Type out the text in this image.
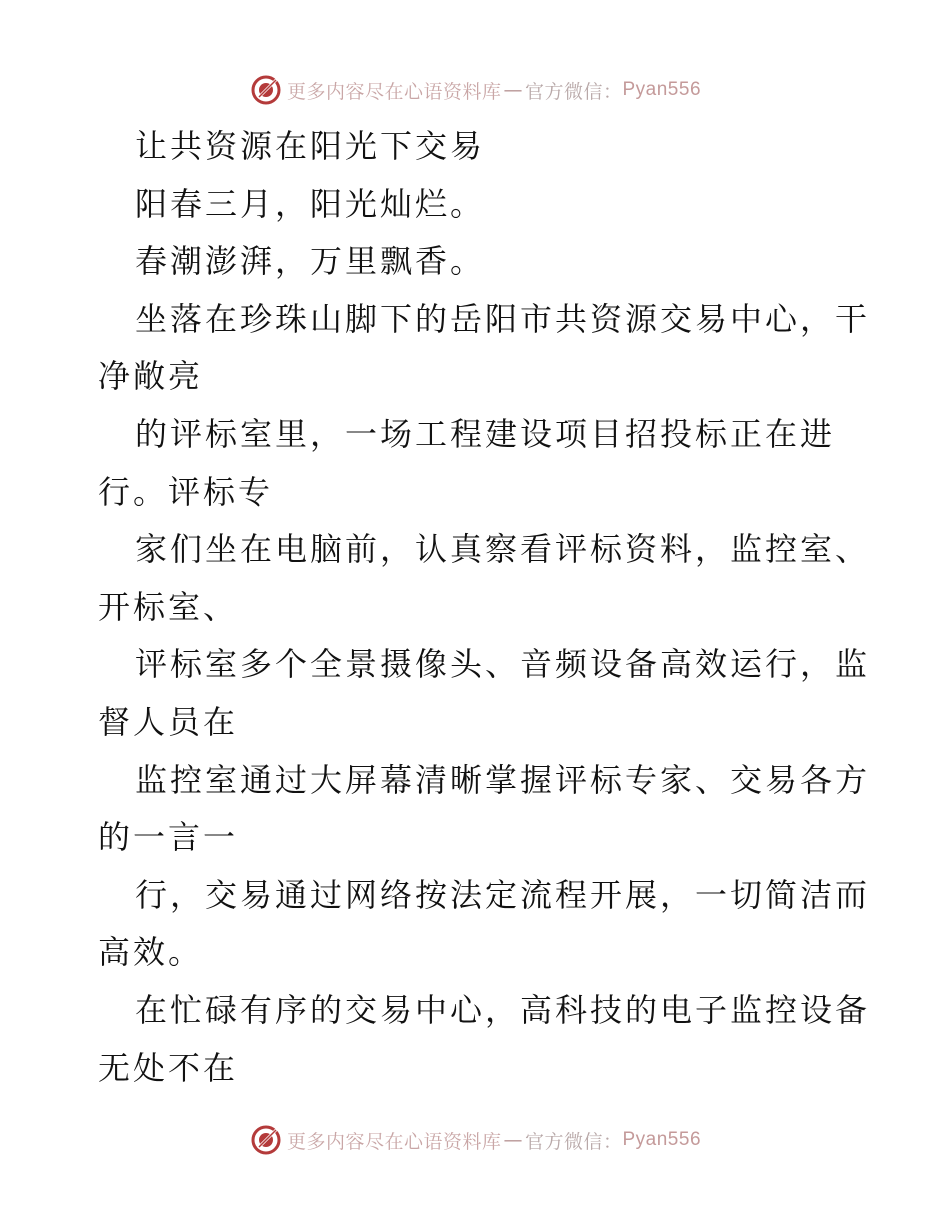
更多内容尽在心语资料库 — 官方微信： Pyan556

让共资源在阳光下交易

阳春三月，阳光灿烂。

春潮澎湃，万里飘香。

坐落在珍珠山脚下的岳阳市共资源交易中心，干
净敞亮

的评标室里，一场工程建设项目招投标正在进
行。评标专

家们坐在电脑前，认真察看评标资料，监控室、
开标室、

评标室多个全景摄像头、音频设备高效运行，监
督人员在

监控室通过大屏幕清晰掌握评标专家、交易各方
的一言一

行，交易通过网络按法定流程开展，一切简洁而
高效。

在忙碌有序的交易中心，高科技的电子监控设备
无处不在

更多内容尽在心语资料库 — 官方微信： Pyan556
